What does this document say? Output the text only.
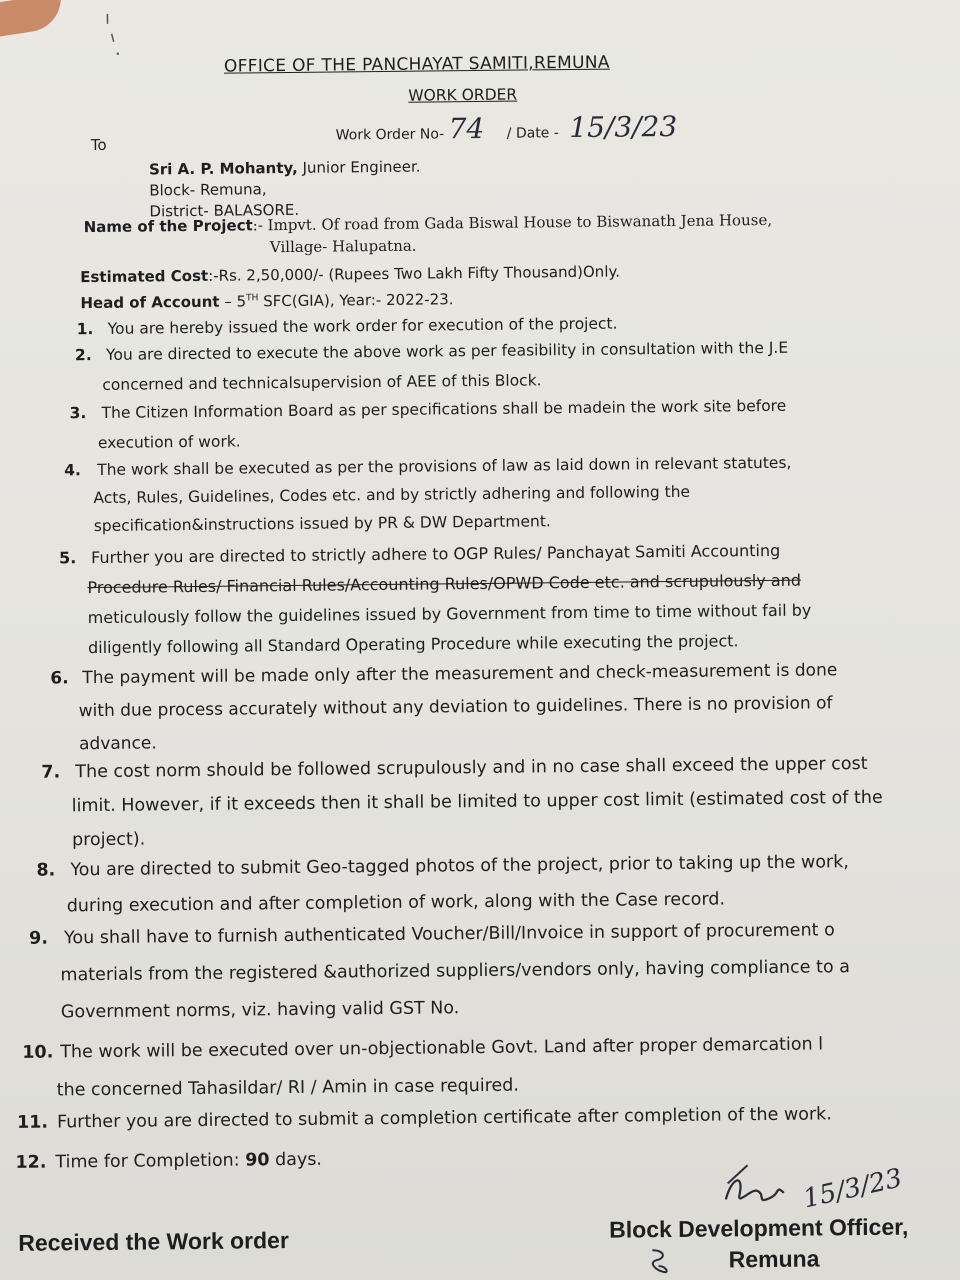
OFFICE OF THE PANCHAYAT SAMITI,REMUNA
WORK ORDER
Work Order No- 74 / Date - 15/3/23
To
Sri A. P. Mohanty, Junior Engineer.
Block- Remuna,
District- BALASORE.
Name of the Project:- Impvt. Of road from Gada Biswal House to Biswanath Jena House,
Village- Halupatna.
Estimated Cost:-Rs. 2,50,000/- (Rupees Two Lakh Fifty Thousand)Only.
Head of Account – 5TH SFC(GIA), Year:- 2022-23.
1. You are hereby issued the work order for execution of the project.
2. You are directed to execute the above work as per feasibility in consultation with the J.E
concerned and technicalsupervision of AEE of this Block.
3. The Citizen Information Board as per specifications shall be madein the work site before
execution of work.
4. The work shall be executed as per the provisions of law as laid down in relevant statutes,
Acts, Rules, Guidelines, Codes etc. and by strictly adhering and following the
specification&instructions issued by PR & DW Department.
5. Further you are directed to strictly adhere to OGP Rules/ Panchayat Samiti Accounting
Procedure Rules/ Financial Rules/Accounting Rules/OPWD Code etc. and scrupulously and
meticulously follow the guidelines issued by Government from time to time without fail by
diligently following all Standard Operating Procedure while executing the project.
6. The payment will be made only after the measurement and check-measurement is done
with due process accurately without any deviation to guidelines. There is no provision of
advance.
7. The cost norm should be followed scrupulously and in no case shall exceed the upper cost
limit. However, if it exceeds then it shall be limited to upper cost limit (estimated cost of the
project).
8. You are directed to submit Geo-tagged photos of the project, prior to taking up the work,
during execution and after completion of work, along with the Case record.
9. You shall have to furnish authenticated Voucher/Bill/Invoice in support of procurement o
materials from the registered &authorized suppliers/vendors only, having compliance to a
Government norms, viz. having valid GST No.
10. The work will be executed over un-objectionable Govt. Land after proper demarcation l
the concerned Tahasildar/ RI / Amin in case required.
11. Further you are directed to submit a completion certificate after completion of the work.
12. Time for Completion: 90 days.
Received the Work order
15/3/23
Block Development Officer,
Remuna
